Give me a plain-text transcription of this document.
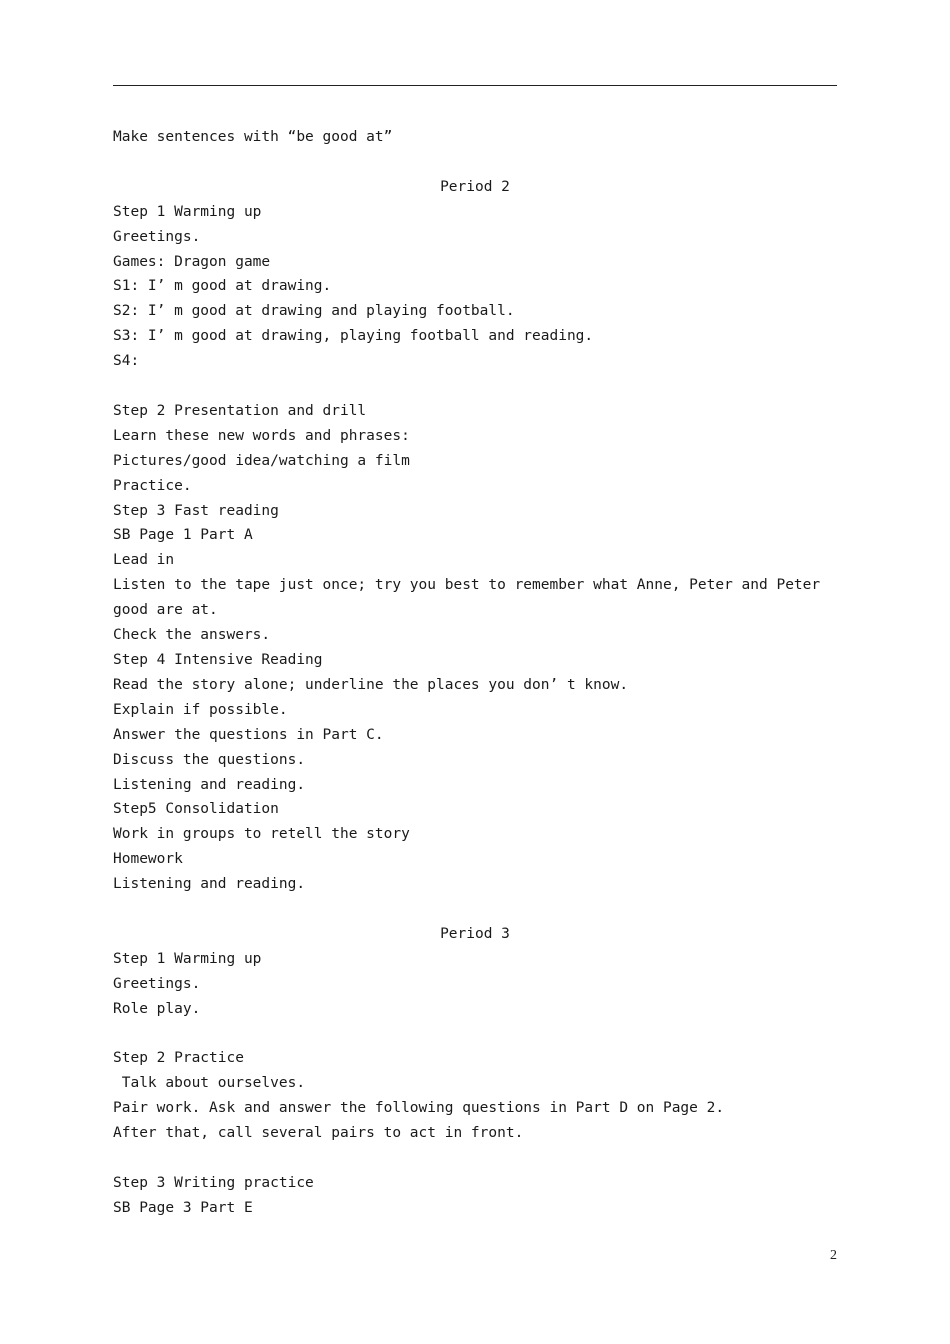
Make sentences with “be good at”
Period 2
Step 1 Warming up
Greetings.
Games: Dragon game
S1: I’ m good at drawing.
S2: I’ m good at drawing and playing football.
S3: I’ m good at drawing, playing football and reading.
S4:
Step 2 Presentation and drill
Learn these new words and phrases:
Pictures/good idea/watching a film
Practice.
Step 3 Fast reading
SB Page 1 Part A
Lead in
Listen to the tape just once; try you best to remember what Anne, Peter and Peter good are at.
Check the answers.
Step 4 Intensive Reading
Read the story alone; underline the places you don’ t know.
Explain if possible.
Answer the questions in Part C.
Discuss the questions.
Listening and reading.
Step5 Consolidation
Work in groups to retell the story
Homework
Listening and reading.
Period 3
Step 1 Warming up
Greetings.
Role play.
Step 2 Practice
Talk about ourselves.
Pair work. Ask and answer the following questions in Part D on Page 2.
After that, call several pairs to act in front.
Step 3 Writing practice
SB Page 3 Part E
2
